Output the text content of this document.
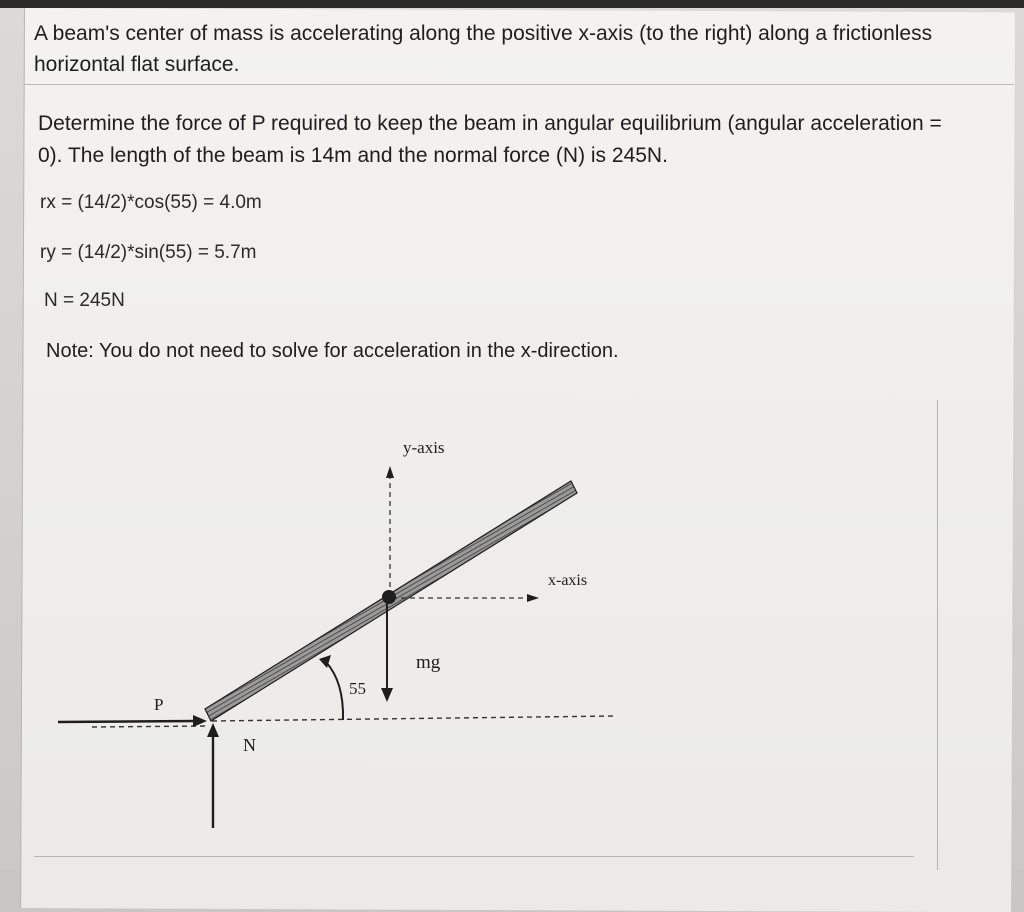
A beam's center of mass is accelerating along the positive x-axis (to the right) along a frictionless
horizontal flat surface.
Determine the force of P required to keep the beam in angular equilibrium (angular acceleration =
0). The length of the beam is 14m and the normal force (N) is 245N.
rx = (14/2)*cos(55) = 4.0m
ry = (14/2)*sin(55) = 5.7m
N = 245N
Note: You do not need to solve for acceleration in the x-direction.
y-axis
x-axis
mg
55
P
N
